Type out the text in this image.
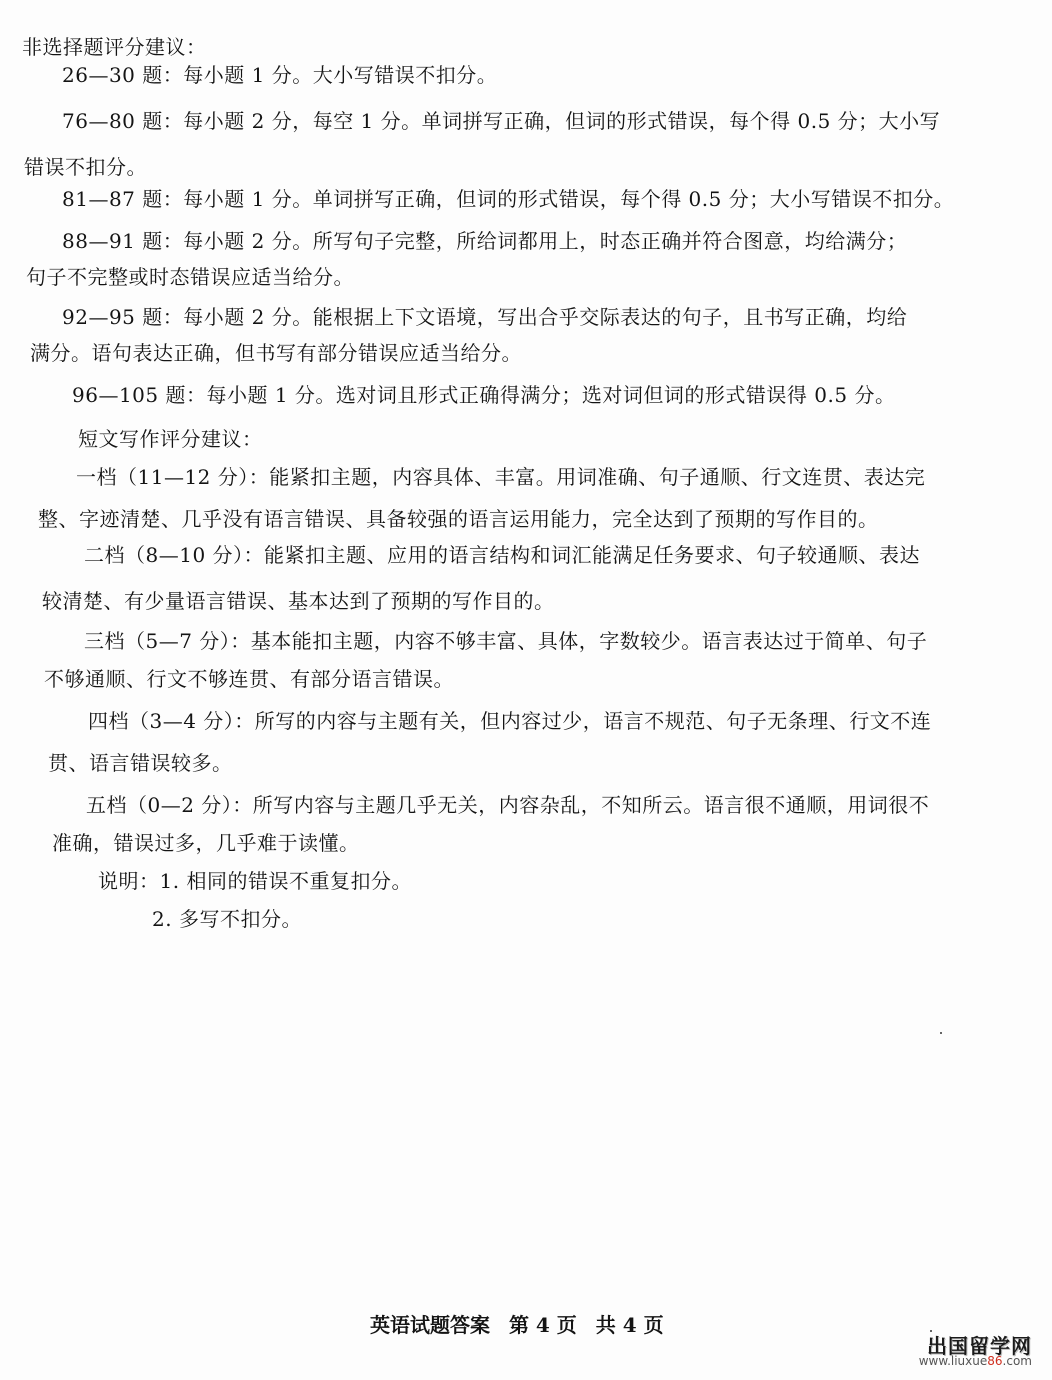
非选择题评分建议：
26—30 题：每小题 1 分。大小写错误不扣分。
76—80 题：每小题 2 分，每空 1 分。单词拼写正确，但词的形式错误，每个得 0.5 分；大小写
错误不扣分。
81—87 题：每小题 1 分。单词拼写正确，但词的形式错误，每个得 0.5 分；大小写错误不扣分。
88—91 题：每小题 2 分。所写句子完整，所给词都用上，时态正确并符合图意，均给满分；
句子不完整或时态错误应适当给分。
92—95 题：每小题 2 分。能根据上下文语境，写出合乎交际表达的句子，且书写正确，均给
满分。语句表达正确，但书写有部分错误应适当给分。
96—105 题：每小题 1 分。选对词且形式正确得满分；选对词但词的形式错误得 0.5 分。
短文写作评分建议：
一档（11—12 分）：能紧扣主题，内容具体、丰富。用词准确、句子通顺、行文连贯、表达完
整、字迹清楚、几乎没有语言错误、具备较强的语言运用能力，完全达到了预期的写作目的。
二档（8—10 分）：能紧扣主题、应用的语言结构和词汇能满足任务要求、句子较通顺、表达
较清楚、有少量语言错误、基本达到了预期的写作目的。
三档（5—7 分）：基本能扣主题，内容不够丰富、具体，字数较少。语言表达过于简单、句子
不够通顺、行文不够连贯、有部分语言错误。
四档（3—4 分）：所写的内容与主题有关，但内容过少，语言不规范、句子无条理、行文不连
贯、语言错误较多。
五档（0—2 分）：所写内容与主题几乎无关，内容杂乱，不知所云。语言很不通顺，用词很不
准确，错误过多，几乎难于读懂。
说明：1. 相同的错误不重复扣分。
2. 多写不扣分。
英语试题答案 第 4 页 共 4 页
出国留学网
www.liuxue86.com
